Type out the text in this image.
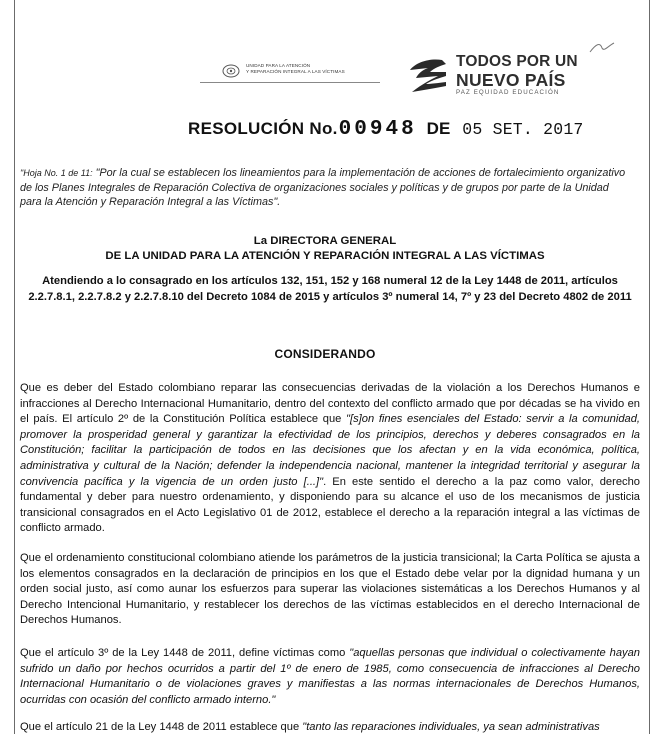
UNIDAD PARA LA ATENCIÓN
Y REPARACIÓN INTEGRAL A LAS VÍCTIMAS
TODOS POR UN
NUEVO PAÍS
PAZ EQUIDAD EDUCACIÓN
RESOLUCIÓN No.00948 DE 05 SET. 2017
"Hoja No. 1 de 11: "Por la cual se establecen los lineamientos para la implementación de acciones de fortalecimiento organizativo de los Planes Integrales de Reparación Colectiva de organizaciones sociales y políticas y de grupos por parte de la Unidad para la Atención y Reparación Integral a las Víctimas".
La DIRECTORA GENERAL
DE LA UNIDAD PARA LA ATENCIÓN Y REPARACIÓN INTEGRAL A LAS VÍCTIMAS
Atendiendo a lo consagrado en los artículos 132, 151, 152 y 168 numeral 12 de la Ley 1448 de 2011, artículos 2.2.7.8.1, 2.2.7.8.2 y 2.2.7.8.10 del Decreto 1084 de 2015 y artículos 3º numeral 14, 7º y 23 del Decreto 4802 de 2011
CONSIDERANDO
Que es deber del Estado colombiano reparar las consecuencias derivadas de la violación a los Derechos Humanos e infracciones al Derecho Internacional Humanitario, dentro del contexto del conflicto armado que por décadas se ha vivido en el país. El artículo 2º de la Constitución Política establece que "[s]on fines esenciales del Estado: servir a la comunidad, promover la prosperidad general y garantizar la efectividad de los principios, derechos y deberes consagrados en la Constitución; facilitar la participación de todos en las decisiones que los afectan y en la vida económica, política, administrativa y cultural de la Nación; defender la independencia nacional, mantener la integridad territorial y asegurar la convivencia pacífica y la vigencia de un orden justo [...]". En este sentido el derecho a la paz como valor, derecho fundamental y deber para nuestro ordenamiento, y disponiendo para su alcance el uso de los mecanismos de justicia transicional consagrados en el Acto Legislativo 01 de 2012, establece el derecho a la reparación integral a las víctimas de conflicto armado.
Que el ordenamiento constitucional colombiano atiende los parámetros de la justicia transicional; la Carta Política se ajusta a los elementos consagrados en la declaración de principios en los que el Estado debe velar por la dignidad humana y un orden social justo, así como aunar los esfuerzos para superar las violaciones sistemáticas a los Derechos Humanos y al Derecho Intencional Humanitario, y restablecer los derechos de las víctimas establecidos en el derecho Internacional de Derechos Humanos.
Que el artículo 3º de la Ley 1448 de 2011, define víctimas como "aquellas personas que individual o colectivamente hayan sufrido un daño por hechos ocurridos a partir del 1º de enero de 1985, como consecuencia de infracciones al Derecho Internacional Humanitario o de violaciones graves y manifiestas a las normas internacionales de Derechos Humanos, ocurridas con ocasión del conflicto armado interno."
Que el artículo 21 de la Ley 1448 de 2011 establece que "tanto las reparaciones individuales, ya sean administrativas
